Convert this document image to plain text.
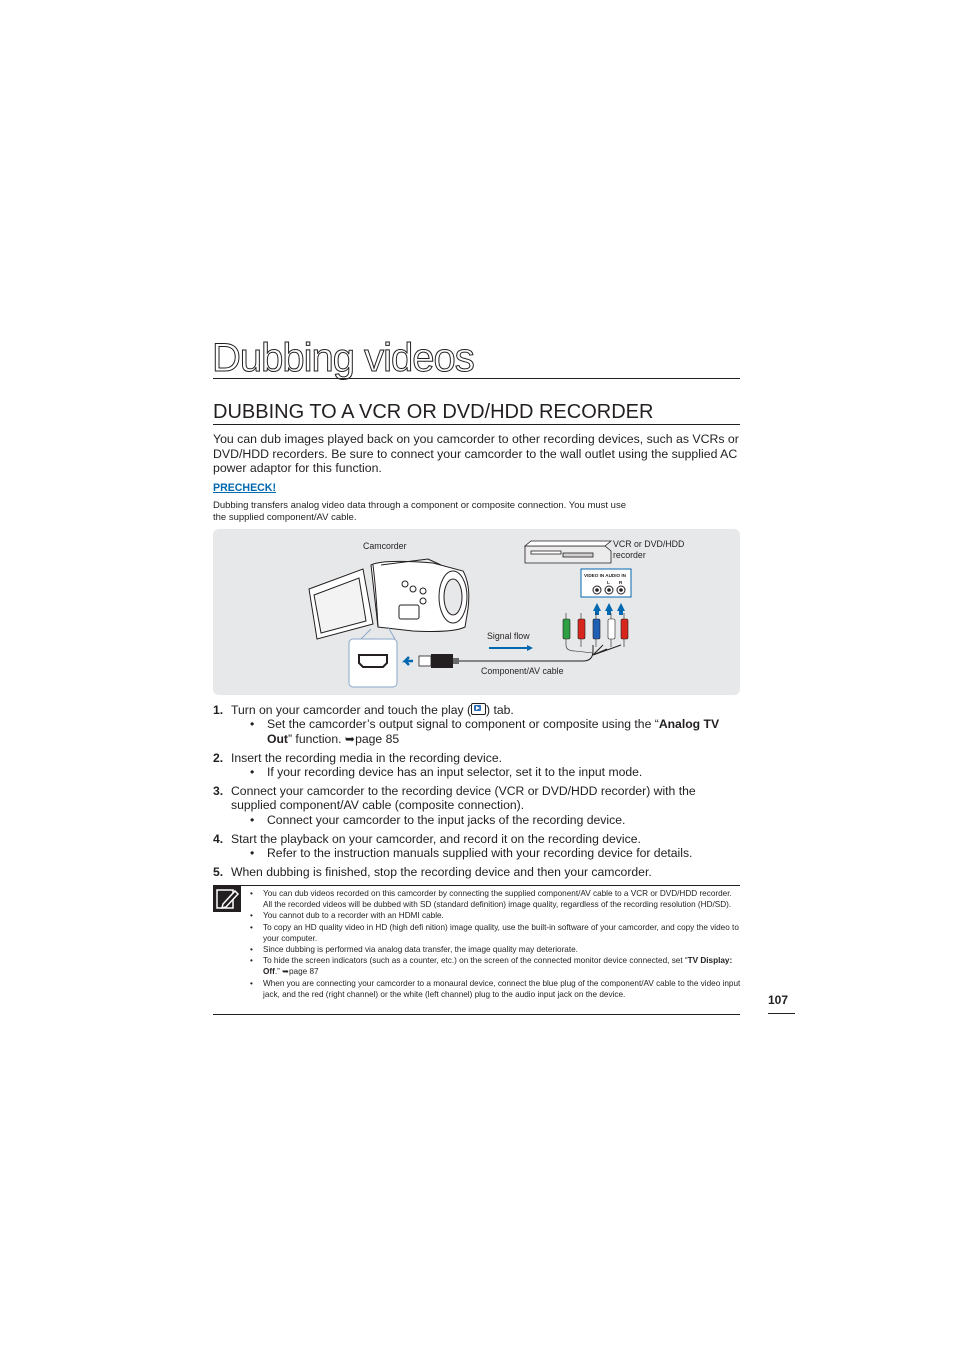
Dubbing videos
DUBBING TO A VCR OR DVD/HDD RECORDER
You can dub images played back on you camcorder to other recording devices, such as VCRs or DVD/HDD recorders. Be sure to connect your camcorder to the wall outlet using the supplied AC power adaptor for this function.
PRECHECK!
Dubbing transfers analog video data through a component or composite connection. You must use
the supplied component/AV cable.
Camcorder	VCR or DVD/HDD
recorder
Signal flow
Component/AV cable
VIDEO IN AUDIO IN
L R
1. Turn on your camcorder and touch the play ( ) tab.
• Set the camcorder’s output signal to component or composite using the “Analog TV Out” function. ➥page 85
2. Insert the recording media in the recording device.
• If your recording device has an input selector, set it to the input mode.
3. Connect your camcorder to the recording device (VCR or DVD/HDD recorder) with the supplied component/AV cable (composite connection).
• Connect your camcorder to the input jacks of the recording device.
4. Start the playback on your camcorder, and record it on the recording device.
• Refer to the instruction manuals supplied with your recording device for details.
5. When dubbing is finished, stop the recording device and then your camcorder.
• You can dub videos recorded on this camcorder by connecting the supplied component/AV cable to a VCR or DVD/HDD recorder. All the recorded videos will be dubbed with SD (standard definition) image quality, regardless of the recording resolution (HD/SD).
• You cannot dub to a recorder with an HDMI cable.
• To copy an HD quality video in HD (high defi nition) image quality, use the built-in software of your camcorder, and copy the video to your computer.
• Since dubbing is performed via analog data transfer, the image quality may deteriorate.
• To hide the screen indicators (such as a counter, etc.) on the screen of the connected monitor device connected, set “TV Display: Off.” ➥page 87
• When you are connecting your camcorder to a monaural device, connect the blue plug of the component/AV cable to the video input jack, and the red (right channel) or the white (left channel) plug to the audio input jack on the device.	107
